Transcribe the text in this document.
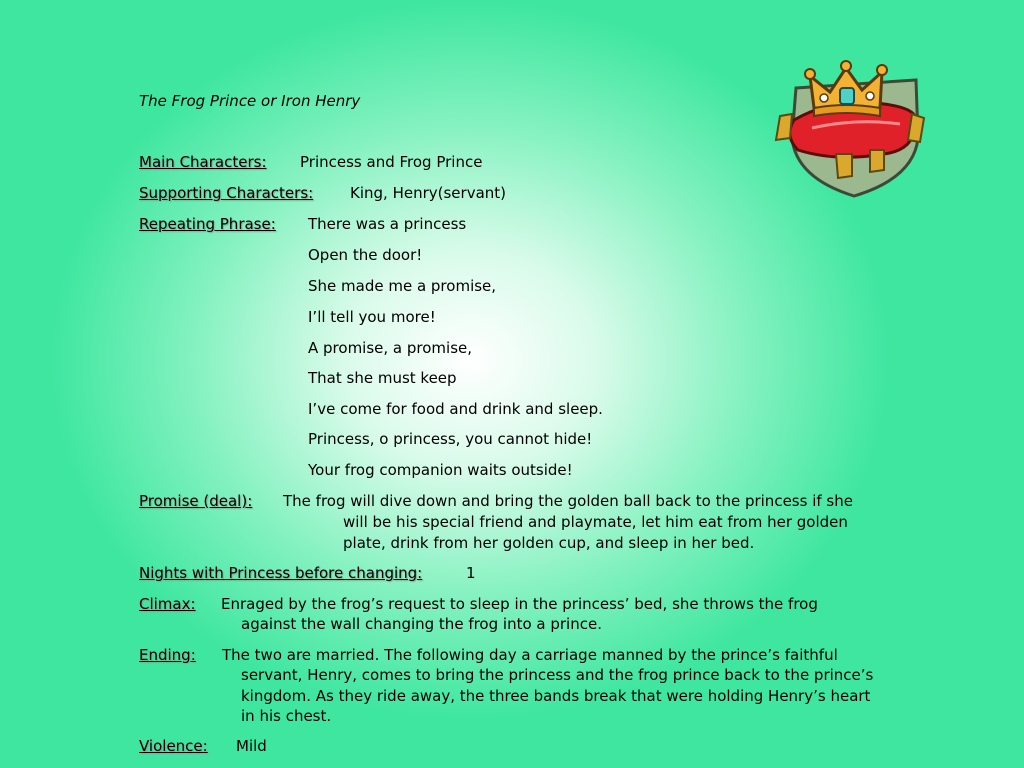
The Frog Prince or Iron Henry
Main Characters: Princess and Frog Prince
Supporting Characters: King, Henry(servant)
Repeating Phrase: There was a princess
Open the door!
She made me a promise,
I’ll tell you more!
A promise, a promise,
That she must keep
I’ve come for food and drink and sleep.
Princess, o princess, you cannot hide!
Your frog companion waits outside!
Promise (deal): The frog will dive down and bring the golden ball back to the princess if she
will be his special friend and playmate, let him eat from her golden
plate, drink from her golden cup, and sleep in her bed.
Nights with Princess before changing:	1
Climax: Enraged by the frog’s request to sleep in the princess’ bed, she throws the frog
against the wall changing the frog into a prince.
Ending: The two are married. The following day a carriage manned by the prince’s faithful
servant, Henry, comes to bring the princess and the frog prince back to the prince’s
kingdom. As they ride away, the three bands break that were holding Henry’s heart
in his chest.
Violence: Mild
